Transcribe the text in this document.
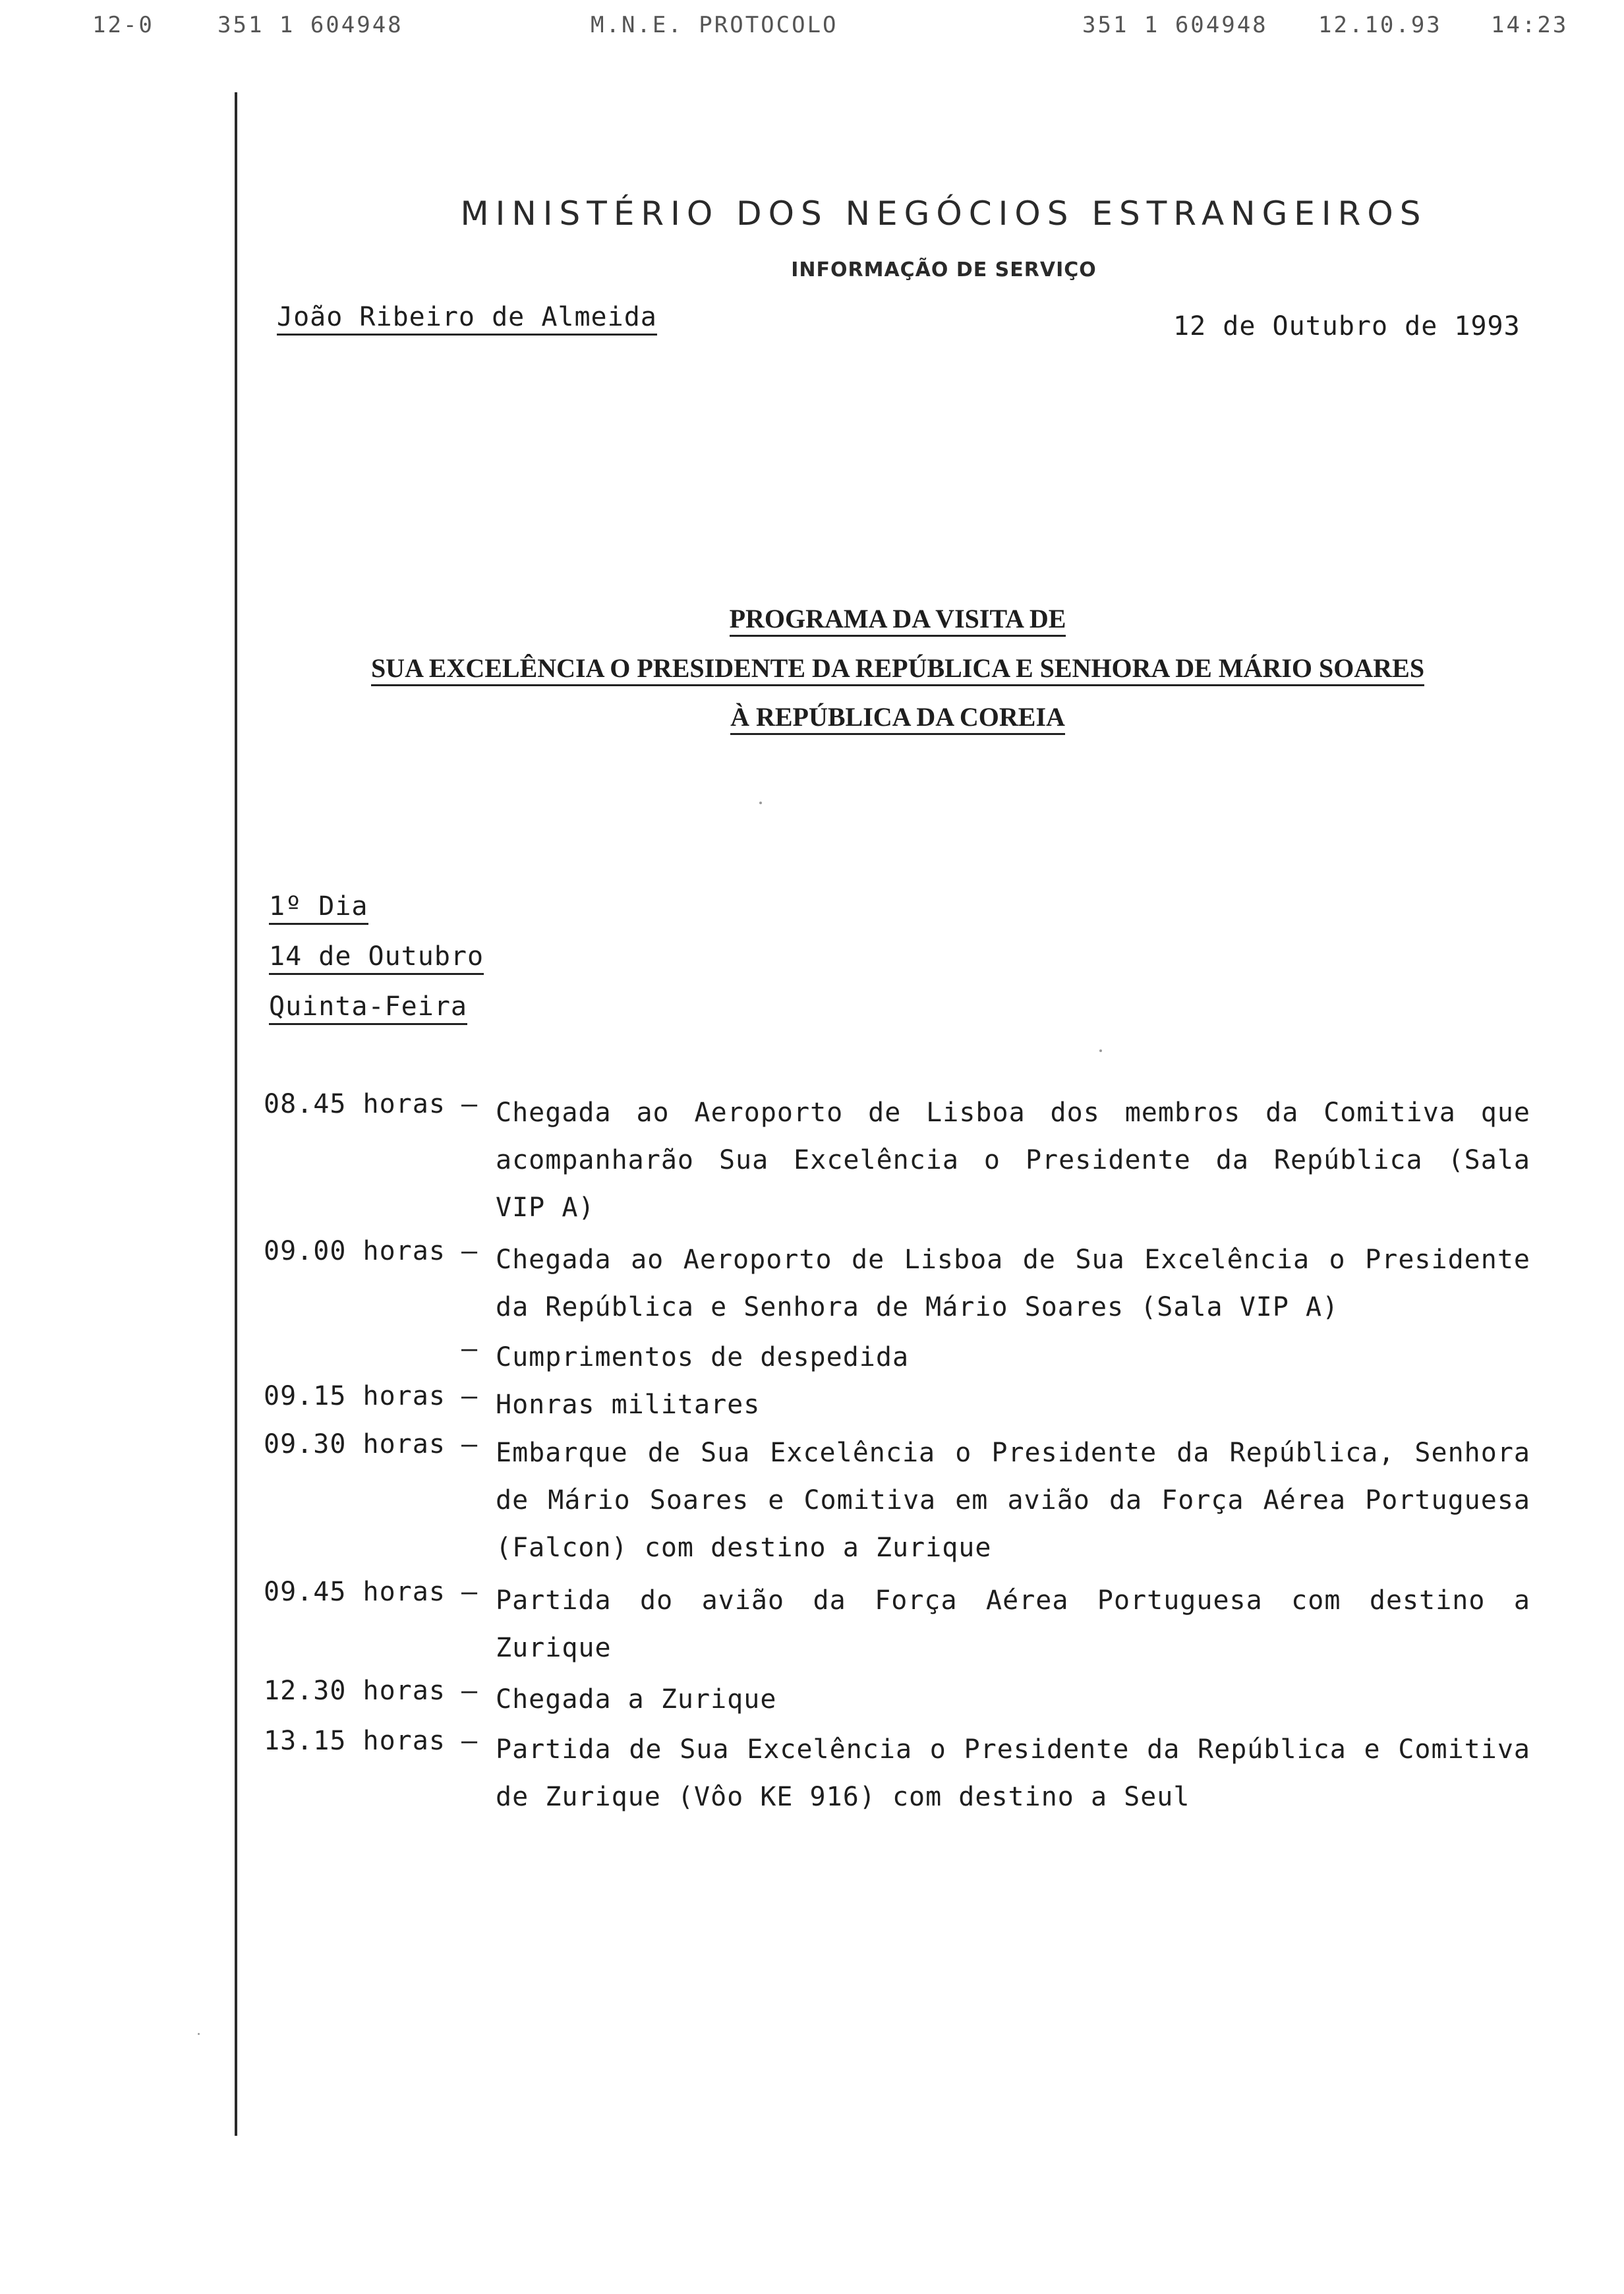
12-0	351 1 604948	M.N.E. PROTOCOLO	351 1 604948 12.10.93 14:23
MINISTÉRIO DOS NEGÓCIOS ESTRANGEIROS
INFORMAÇÃO DE SERVIÇO
João Ribeiro de Almeida	12 de Outubro de 1993
PROGRAMA DA VISITA DE
SUA EXCELÊNCIA O PRESIDENTE DA REPÚBLICA E SENHORA DE MÁRIO SOARES
À REPÚBLICA DA COREIA
1º Dia
14 de Outubro
Quinta-Feira
08.45 horas – Chegada ao Aeroporto de Lisboa dos membros da Comitiva que
acompanharão Sua Excelência o Presidente da República (Sala
VIP A)
09.00 horas – Chegada ao Aeroporto de Lisboa de Sua Excelência o Presidente
da República e Senhora de Mário Soares (Sala VIP A)
– Cumprimentos de despedida
09.15 horas – Honras militares
09.30 horas – Embarque de Sua Excelência o Presidente da República, Senhora
de Mário Soares e Comitiva em avião da Força Aérea Portuguesa
(Falcon) com destino a Zurique
09.45 horas – Partida do avião da Força Aérea Portuguesa com destino a
Zurique
12.30 horas – Chegada a Zurique
13.15 horas – Partida de Sua Excelência o Presidente da República e Comitiva
de Zurique (Vôo KE 916) com destino a Seul
